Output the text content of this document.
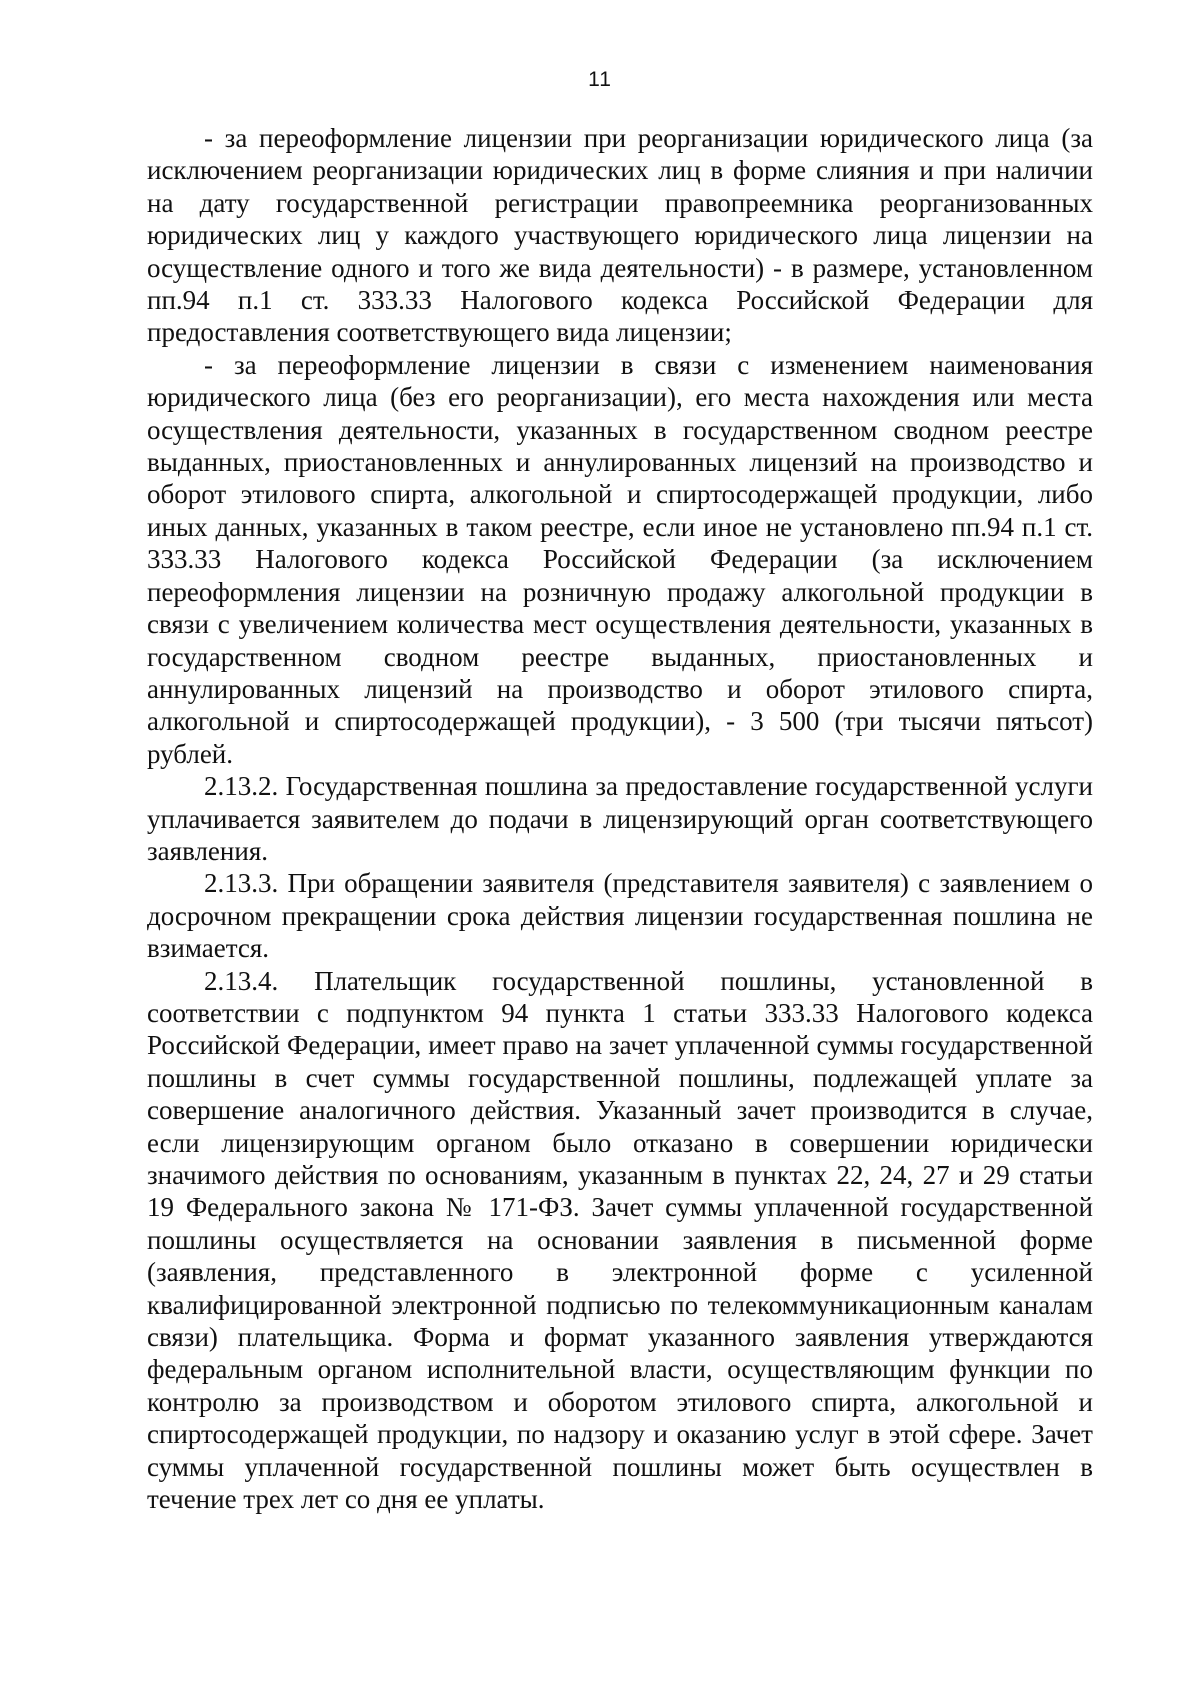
11

- за переоформление лицензии при реорганизации юридического лица (за исключением реорганизации юридических лиц в форме слияния и при наличии на дату государственной регистрации правопреемника реорганизованных юридических лиц у каждого участвующего юридического лица лицензии на осуществление одного и того же вида деятельности) - в размере, установленном пп.94 п.1 ст. 333.33 Налогового кодекса Российской Федерации для предоставления соответствующего вида лицензии;

- за переоформление лицензии в связи с изменением наименования юридического лица (без его реорганизации), его места нахождения или места осуществления деятельности, указанных в государственном сводном реестре выданных, приостановленных и аннулированных лицензий на производство и оборот этилового спирта, алкогольной и спиртосодержащей продукции, либо иных данных, указанных в таком реестре, если иное не установлено пп.94 п.1 ст. 333.33 Налогового кодекса Российской Федерации (за исключением переоформления лицензии на розничную продажу алкогольной продукции в связи с увеличением количества мест осуществления деятельности, указанных в государственном сводном реестре выданных, приостановленных и аннулированных лицензий на производство и оборот этилового спирта, алкогольной и спиртосодержащей продукции), - 3 500 (три тысячи пятьсот) рублей.

2.13.2. Государственная пошлина за предоставление государственной услуги уплачивается заявителем до подачи в лицензирующий орган соответствующего заявления.

2.13.3. При обращении заявителя (представителя заявителя) с заявлением о досрочном прекращении срока действия лицензии государственная пошлина не взимается.

2.13.4. Плательщик государственной пошлины, установленной в соответствии с подпунктом 94 пункта 1 статьи 333.33 Налогового кодекса Российской Федерации, имеет право на зачет уплаченной суммы государственной пошлины в счет суммы государственной пошлины, подлежащей уплате за совершение аналогичного действия. Указанный зачет производится в случае, если лицензирующим органом было отказано в совершении юридически значимого действия по основаниям, указанным в пунктах 22, 24, 27 и 29 статьи 19 Федерального закона № 171-ФЗ. Зачет суммы уплаченной государственной пошлины осуществляется на основании заявления в письменной форме (заявления, представленного в электронной форме с усиленной квалифицированной электронной подписью по телекоммуникационным каналам связи) плательщика. Форма и формат указанного заявления утверждаются федеральным органом исполнительной власти, осуществляющим функции по контролю за производством и оборотом этилового спирта, алкогольной и спиртосодержащей продукции, по надзору и оказанию услуг в этой сфере. Зачет суммы уплаченной государственной пошлины может быть осуществлен в течение трех лет со дня ее уплаты.
